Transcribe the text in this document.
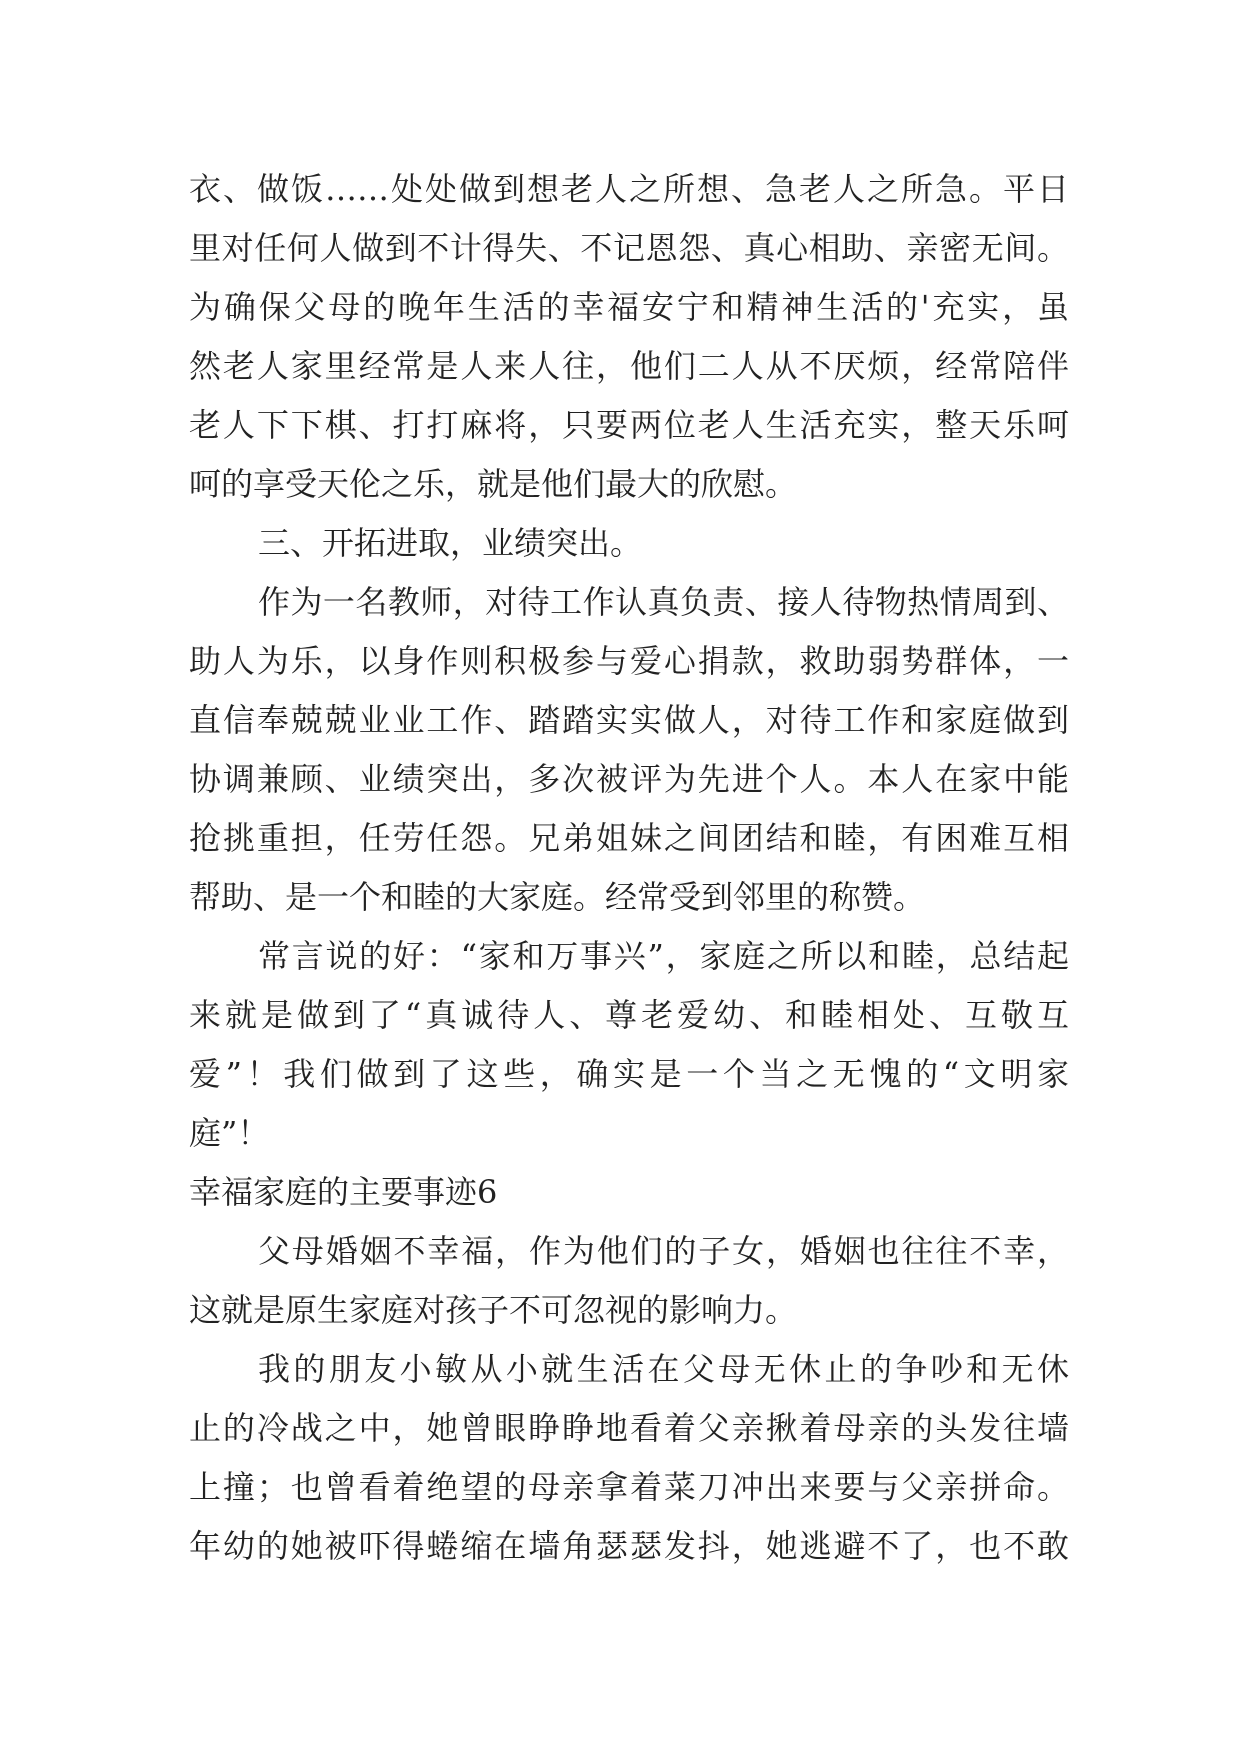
衣、做饭……处处做到想老人之所想、急老人之所急。平日
里对任何人做到不计得失、不记恩怨、真心相助、亲密无间。
为确保父母的晚年生活的幸福安宁和精神生活的'充实，虽
然老人家里经常是人来人往，他们二人从不厌烦，经常陪伴
老人下下棋、打打麻将，只要两位老人生活充实，整天乐呵
呵的享受天伦之乐，就是他们最大的欣慰。
三、开拓进取，业绩突出。
作为一名教师，对待工作认真负责、接人待物热情周到、
助人为乐，以身作则积极参与爱心捐款，救助弱势群体，一
直信奉兢兢业业工作、踏踏实实做人，对待工作和家庭做到
协调兼顾、业绩突出，多次被评为先进个人。本人在家中能
抢挑重担，任劳任怨。兄弟姐妹之间团结和睦，有困难互相
帮助、是一个和睦的大家庭。经常受到邻里的称赞。
常言说的好：“家和万事兴”，家庭之所以和睦，总结起
来就是做到了“真诚待人、尊老爱幼、和睦相处、互敬互
爱”！我们做到了这些，确实是一个当之无愧的“文明家
庭”！
幸福家庭的主要事迹6
父母婚姻不幸福，作为他们的子女，婚姻也往往不幸，
这就是原生家庭对孩子不可忽视的影响力。
我的朋友小敏从小就生活在父母无休止的争吵和无休
止的冷战之中，她曾眼睁睁地看着父亲揪着母亲的头发往墙
上撞；也曾看着绝望的母亲拿着菜刀冲出来要与父亲拼命。
年幼的她被吓得蜷缩在墙角瑟瑟发抖，她逃避不了，也不敢
